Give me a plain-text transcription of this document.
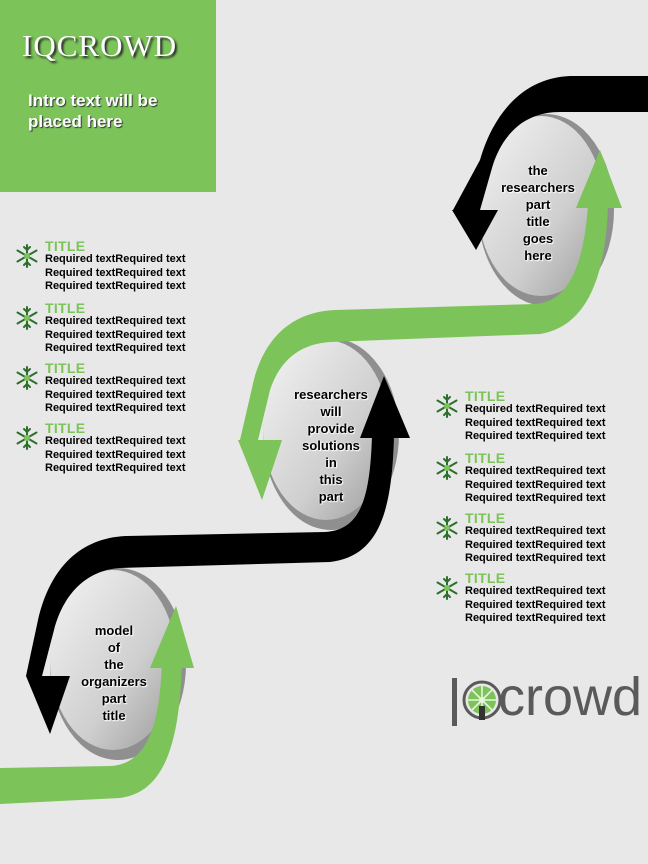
IQCROWD
Intro text will be placed here
the
researchers
part
title
goes
here
researchers
will
provide
solutions
in
this
part
model
of
the
organizers
part
title
TITLE
Required textRequired text
Required textRequired text
Required textRequired text
TITLE
Required textRequired text
Required textRequired text
Required textRequired text
TITLE
Required textRequired text
Required textRequired text
Required textRequired text
TITLE
Required textRequired text
Required textRequired text
Required textRequired text
TITLE
Required textRequired text
Required textRequired text
Required textRequired text
TITLE
Required textRequired text
Required textRequired text
Required textRequired text
TITLE
Required textRequired text
Required textRequired text
Required textRequired text
TITLE
Required textRequired text
Required textRequired text
Required textRequired text
crowd
